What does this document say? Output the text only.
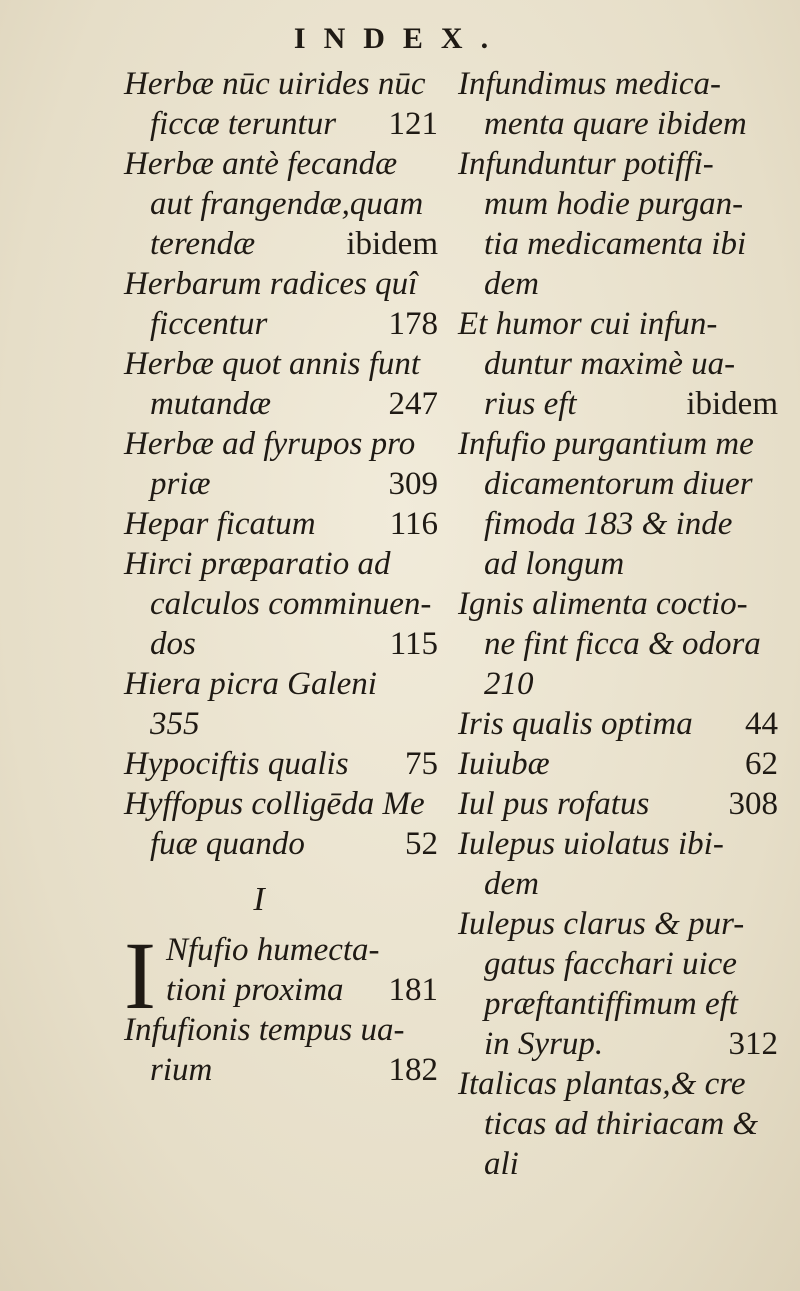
INDEX.
Herbæ nūc uirides nūc
ficcæ teruntur	121
Herbæ antè fecandæ
aut frangendæ,quam
terendæ	ibidem
Herbarum radices quî
ficcentur	178
Herbæ quot annis funt
mutandæ	247
Herbæ ad fyrupos pro
priæ	309
Hepar ficatum	116
Hirci præparatio ad
calculos comminuen-
dos	115
Hiera picra Galeni
355
Hypociftis qualis	75
Hyffopus colligēda Me
fuæ quando	52
I
I Nfufio humecta-
tioni proxima	181
Infufionis tempus ua-
rium	182
Infundimus medica-
menta quare ibidem
Infunduntur potiffi-
mum hodie purgan-
tia medicamenta ibi
dem
Et humor cui infun-
duntur maximè ua-
rius eft	ibidem
Infufio purgantium me
dicamentorum diuer
fimoda 183 & inde
ad longum
Ignis alimenta coctio-
ne fint ficca & odora
210
Iris qualis optima	44
Iuiubæ	62
Iul pus rofatus	308
Iulepus uiolatus ibi-
dem
Iulepus clarus & pur-
gatus facchari uice
præftantiffimum eft
in Syrup.	312
Italicas plantas,& cre
ticas ad thiriacam &
ali
